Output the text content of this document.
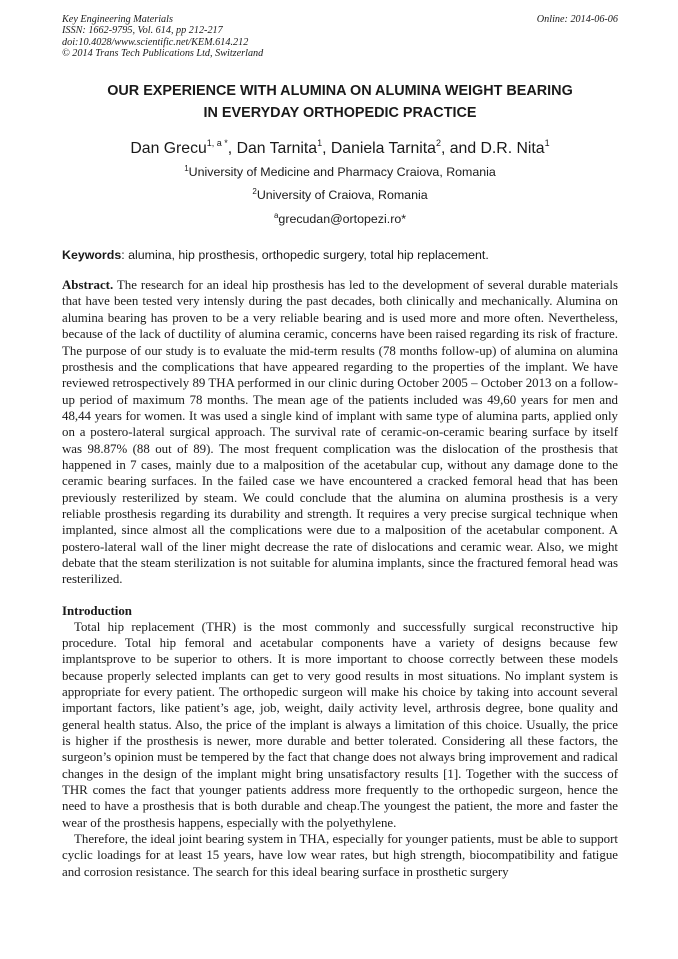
Key Engineering Materials
ISSN: 1662-9795, Vol. 614, pp 212-217
doi:10.4028/www.scientific.net/KEM.614.212
© 2014 Trans Tech Publications Ltd, Switzerland
Online: 2014-06-06
OUR EXPERIENCE WITH ALUMINA ON ALUMINA WEIGHT BEARING
IN EVERYDAY ORTHOPEDIC PRACTICE
Dan Grecu$^{1, a *}$, Dan Tarnita$^1$, Daniela Tarnita$^2$, and D.R. Nita$^1$
$^1$University of Medicine and Pharmacy Craiova, Romania
$^2$University of Craiova, Romania
$^a$grecudan@ortopezi.ro*
Keywords: alumina, hip prosthesis, orthopedic surgery, total hip replacement.
Abstract. The research for an ideal hip prosthesis has led to the development of several durable materials that have been tested very intensly during the past decades, both clinically and mechanically. Alumina on alumina bearing has proven to be a very reliable bearing and is used more and more often. Nevertheless, because of the lack of ductility of alumina ceramic, concerns have been raised regarding its risk of fracture. The purpose of our study is to evaluate the mid-term results (78 months follow-up) of alumina on alumina prosthesis and the complications that have appeared regarding to the properties of the implant. We have reviewed retrospectively 89 THA performed in our clinic during October 2005 – October 2013 on a follow-up period of maximum 78 months. The mean age of the patients included was 49,60 years for men and 48,44 years for women. It was used a single kind of implant with same type of alumina parts, applied only on a postero-lateral surgical approach. The survival rate of ceramic-on-ceramic bearing surface by itself was 98.87% (88 out of 89). The most frequent complication was the dislocation of the prosthesis that happened in 7 cases, mainly due to a malposition of the acetabular cup, without any damage done to the ceramic bearing surfaces. In the failed case we have encountered a cracked femoral head that has been previously resterilized by steam. We could conclude that the alumina on alumina prosthesis is a very reliable prosthesis regarding its durability and strength. It requires a very precise surgical technique when implanted, since almost all the complications were due to a malposition of the acetabular component. A postero-lateral wall of the liner might decrease the rate of dislocations and ceramic wear. Also, we might debate that the steam sterilization is not suitable for alumina implants, since the fractured femoral head was resterilized.
Introduction

Total hip replacement (THR) is the most commonly and successfully surgical reconstructive hip procedure. Total hip femoral and acetabular components have a variety of designs because few implantsprove to be superior to others. It is more important to choose correctly between these models because properly selected implants can get to very good results in most situations. No implant system is appropriate for every patient. The orthopedic surgeon will make his choice by taking into account several important factors, like patient’s age, job, weight, daily activity level, arthrosis degree, bone quality and general health status. Also, the price of the implant is always a limitation of this choice. Usually, the price is higher if the prosthesis is newer, more durable and better tolerated. Considering all these factors, the surgeon’s opinion must be tempered by the fact that change does not always bring improvement and radical changes in the design of the implant might bring unsatisfactory results [1]. Together with the success of THR comes the fact that younger patients address more frequently to the orthopedic surgeon, hence the need to have a prosthesis that is both durable and cheap.The youngest the patient, the more and faster the wear of the prosthesis happens, especially with the polyethylene.

Therefore, the ideal joint bearing system in THA, especially for younger patients, must be able to support cyclic loadings for at least 15 years, have low wear rates, but high strength, biocompatibility and fatigue and corrosion resistance. The search for this ideal bearing surface in prosthetic surgery
